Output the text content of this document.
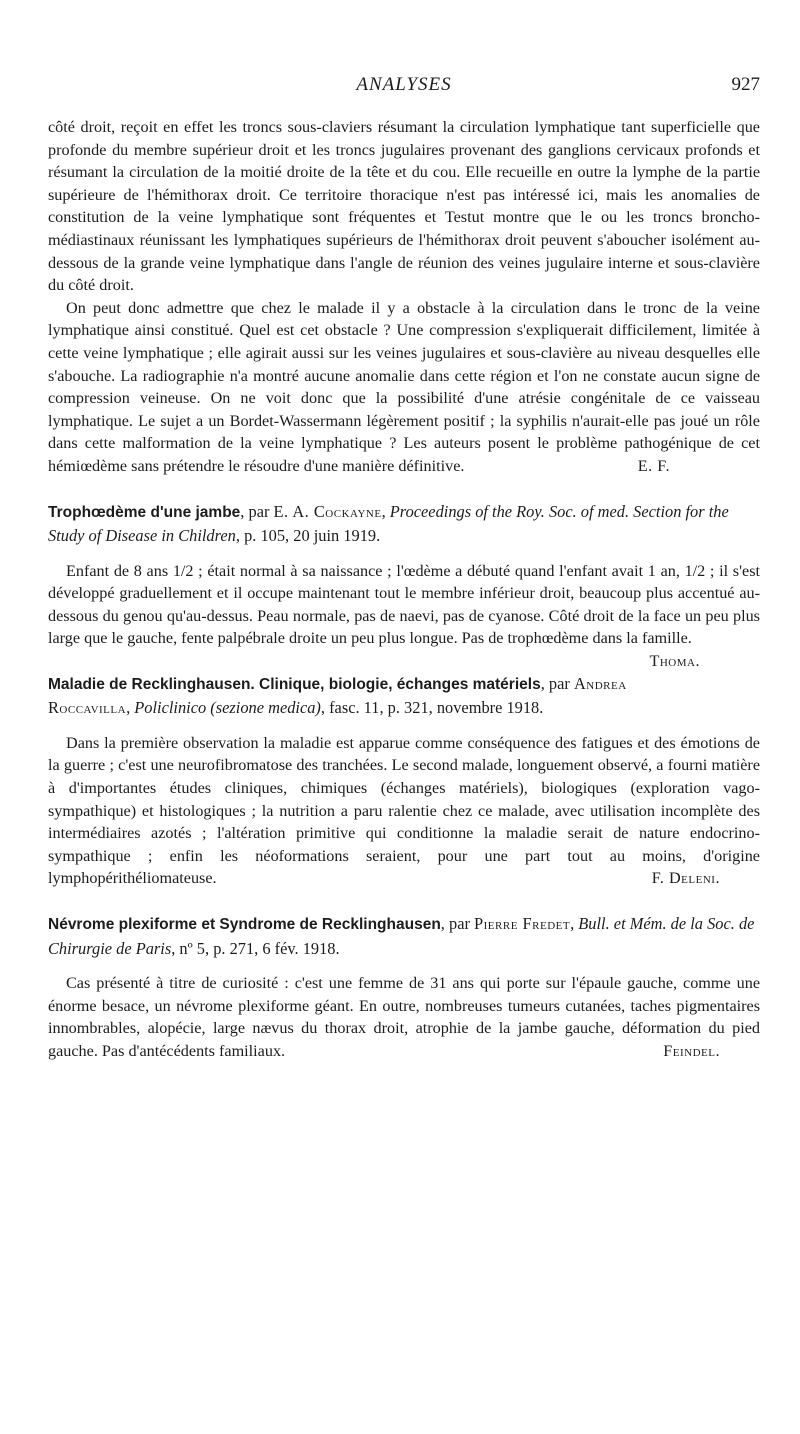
ANALYSES	927

côté droit, reçoit en effet les troncs sous-claviers résumant la circulation lymphatique tant superficielle que profonde du membre supérieur droit et les troncs jugulaires provenant des ganglions cervicaux profonds et résumant la circulation de la moitié droite de la tête et du cou. Elle recueille en outre la lymphe de la partie supérieure de l'hémithorax droit. Ce territoire thoracique n'est pas intéressé ici, mais les anomalies de constitution de la veine lymphatique sont fréquentes et Testut montre que le ou les troncs broncho-médiastinaux réunissant les lymphatiques supérieurs de l'hémithorax droit peuvent s'aboucher isolément au-dessous de la grande veine lymphatique dans l'angle de réunion des veines jugulaire interne et sous-clavière du côté droit.

On peut donc admettre que chez le malade il y a obstacle à la circulation dans le tronc de la veine lymphatique ainsi constitué. Quel est cet obstacle ? Une compression s'expliquerait difficilement, limitée à cette veine lymphatique ; elle agirait aussi sur les veines jugulaires et sous-clavière au niveau desquelles elle s'abouche. La radiographie n'a montré aucune anomalie dans cette région et l'on ne constate aucun signe de compression veineuse. On ne voit donc que la possibilité d'une atrésie congénitale de ce vaisseau lymphatique. Le sujet a un Bordet-Wassermann légèrement positif ; la syphilis n'aurait-elle pas joué un rôle dans cette malformation de la veine lymphatique ? Les auteurs posent le problème pathogénique de cet hémiœdème sans prétendre le résoudre d'une manière définitive.	E. F.

Trophœdème d'une jambe, par E. A. Cockayne, Proceedings of the Roy. Soc. of med. Section for the Study of Disease in Children, p. 105, 20 juin 1919.

Enfant de 8 ans 1/2 ; était normal à sa naissance ; l'œdème a débuté quand l'enfant avait 1 an, 1/2 ; il s'est développé graduellement et il occupe maintenant tout le membre inférieur droit, beaucoup plus accentué au-dessous du genou qu'au-dessus. Peau normale, pas de naevi, pas de cyanose. Côté droit de la face un peu plus large que le gauche, fente palpébrale droite un peu plus longue. Pas de trophœdème dans la famille.
Thoma.

Maladie de Recklinghausen. Clinique, biologie, échanges matériels, par Andrea Roccavilla, Policlinico (sezione medica), fasc. 11, p. 321, novembre 1918.

Dans la première observation la maladie est apparue comme conséquence des fatigues et des émotions de la guerre ; c'est une neurofibromatose des tranchées. Le second malade, longuement observé, a fourni matière à d'importantes études cliniques, chimiques (échanges matériels), biologiques (exploration vago-sympathique) et histologiques ; la nutrition a paru ralentie chez ce malade, avec utilisation incomplète des intermédiaires azotés ; l'altération primitive qui conditionne la maladie serait de nature endocrino-sympathique ; enfin les néoformations seraient, pour une part tout au moins, d'origine lymphopérithéliomateuse.	F. Deleni.

Névrome plexiforme et Syndrome de Recklinghausen, par Pierre Fredet, Bull. et Mém. de la Soc. de Chirurgie de Paris, nº 5, p. 271, 6 fév. 1918.

Cas présenté à titre de curiosité : c'est une femme de 31 ans qui porte sur l'épaule gauche, comme une énorme besace, un névrome plexiforme géant. En outre, nombreuses tumeurs cutanées, taches pigmentaires innombrables, alopécie, large nævus du thorax droit, atrophie de la jambe gauche, déformation du pied gauche. Pas d'antécédents familiaux.	Feindel.
